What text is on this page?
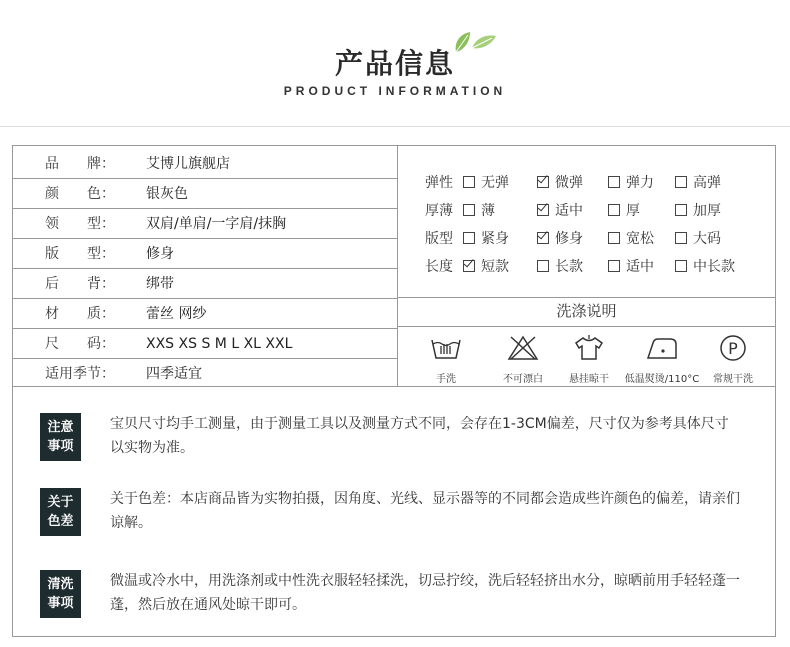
产品信息
PRODUCT INFORMATION
品　　牌：	艾博儿旗舰店
颜　　色：	银灰色
领　　型：	双肩/单肩/一字肩/抹胸
版　　型：	修身
后　　背：	绑带
材　　质：	蕾丝 网纱
尺　　码：	XXS XS S M L XL XXL
适用季节：	四季适宜
弹性	无弹	微弹	弹力	高弹
厚薄	薄	适中	厚	加厚
版型	紧身	修身	宽松	大码
长度	短款	长款	适中	中长款
洗涤说明
手洗	不可漂白	悬挂晾干	低温熨烫/110°C
P
常规干洗
注意
事项
宝贝尺寸均手工测量，由于测量工具以及测量方式不同，会存在1-3CM偏差，尺寸仅为参考具体尺寸以实物为准。
关于
色差
关于色差：本店商品皆为实物拍摄，因角度、光线、显示器等的不同都会造成些许颜色的偏差，请亲们谅解。
清洗
事项
微温或冷水中，用洗涤剂或中性洗衣服轻轻揉洗，切忌拧绞，洗后轻轻挤出水分，晾晒前用手轻轻蓬一蓬，然后放在通风处晾干即可。
